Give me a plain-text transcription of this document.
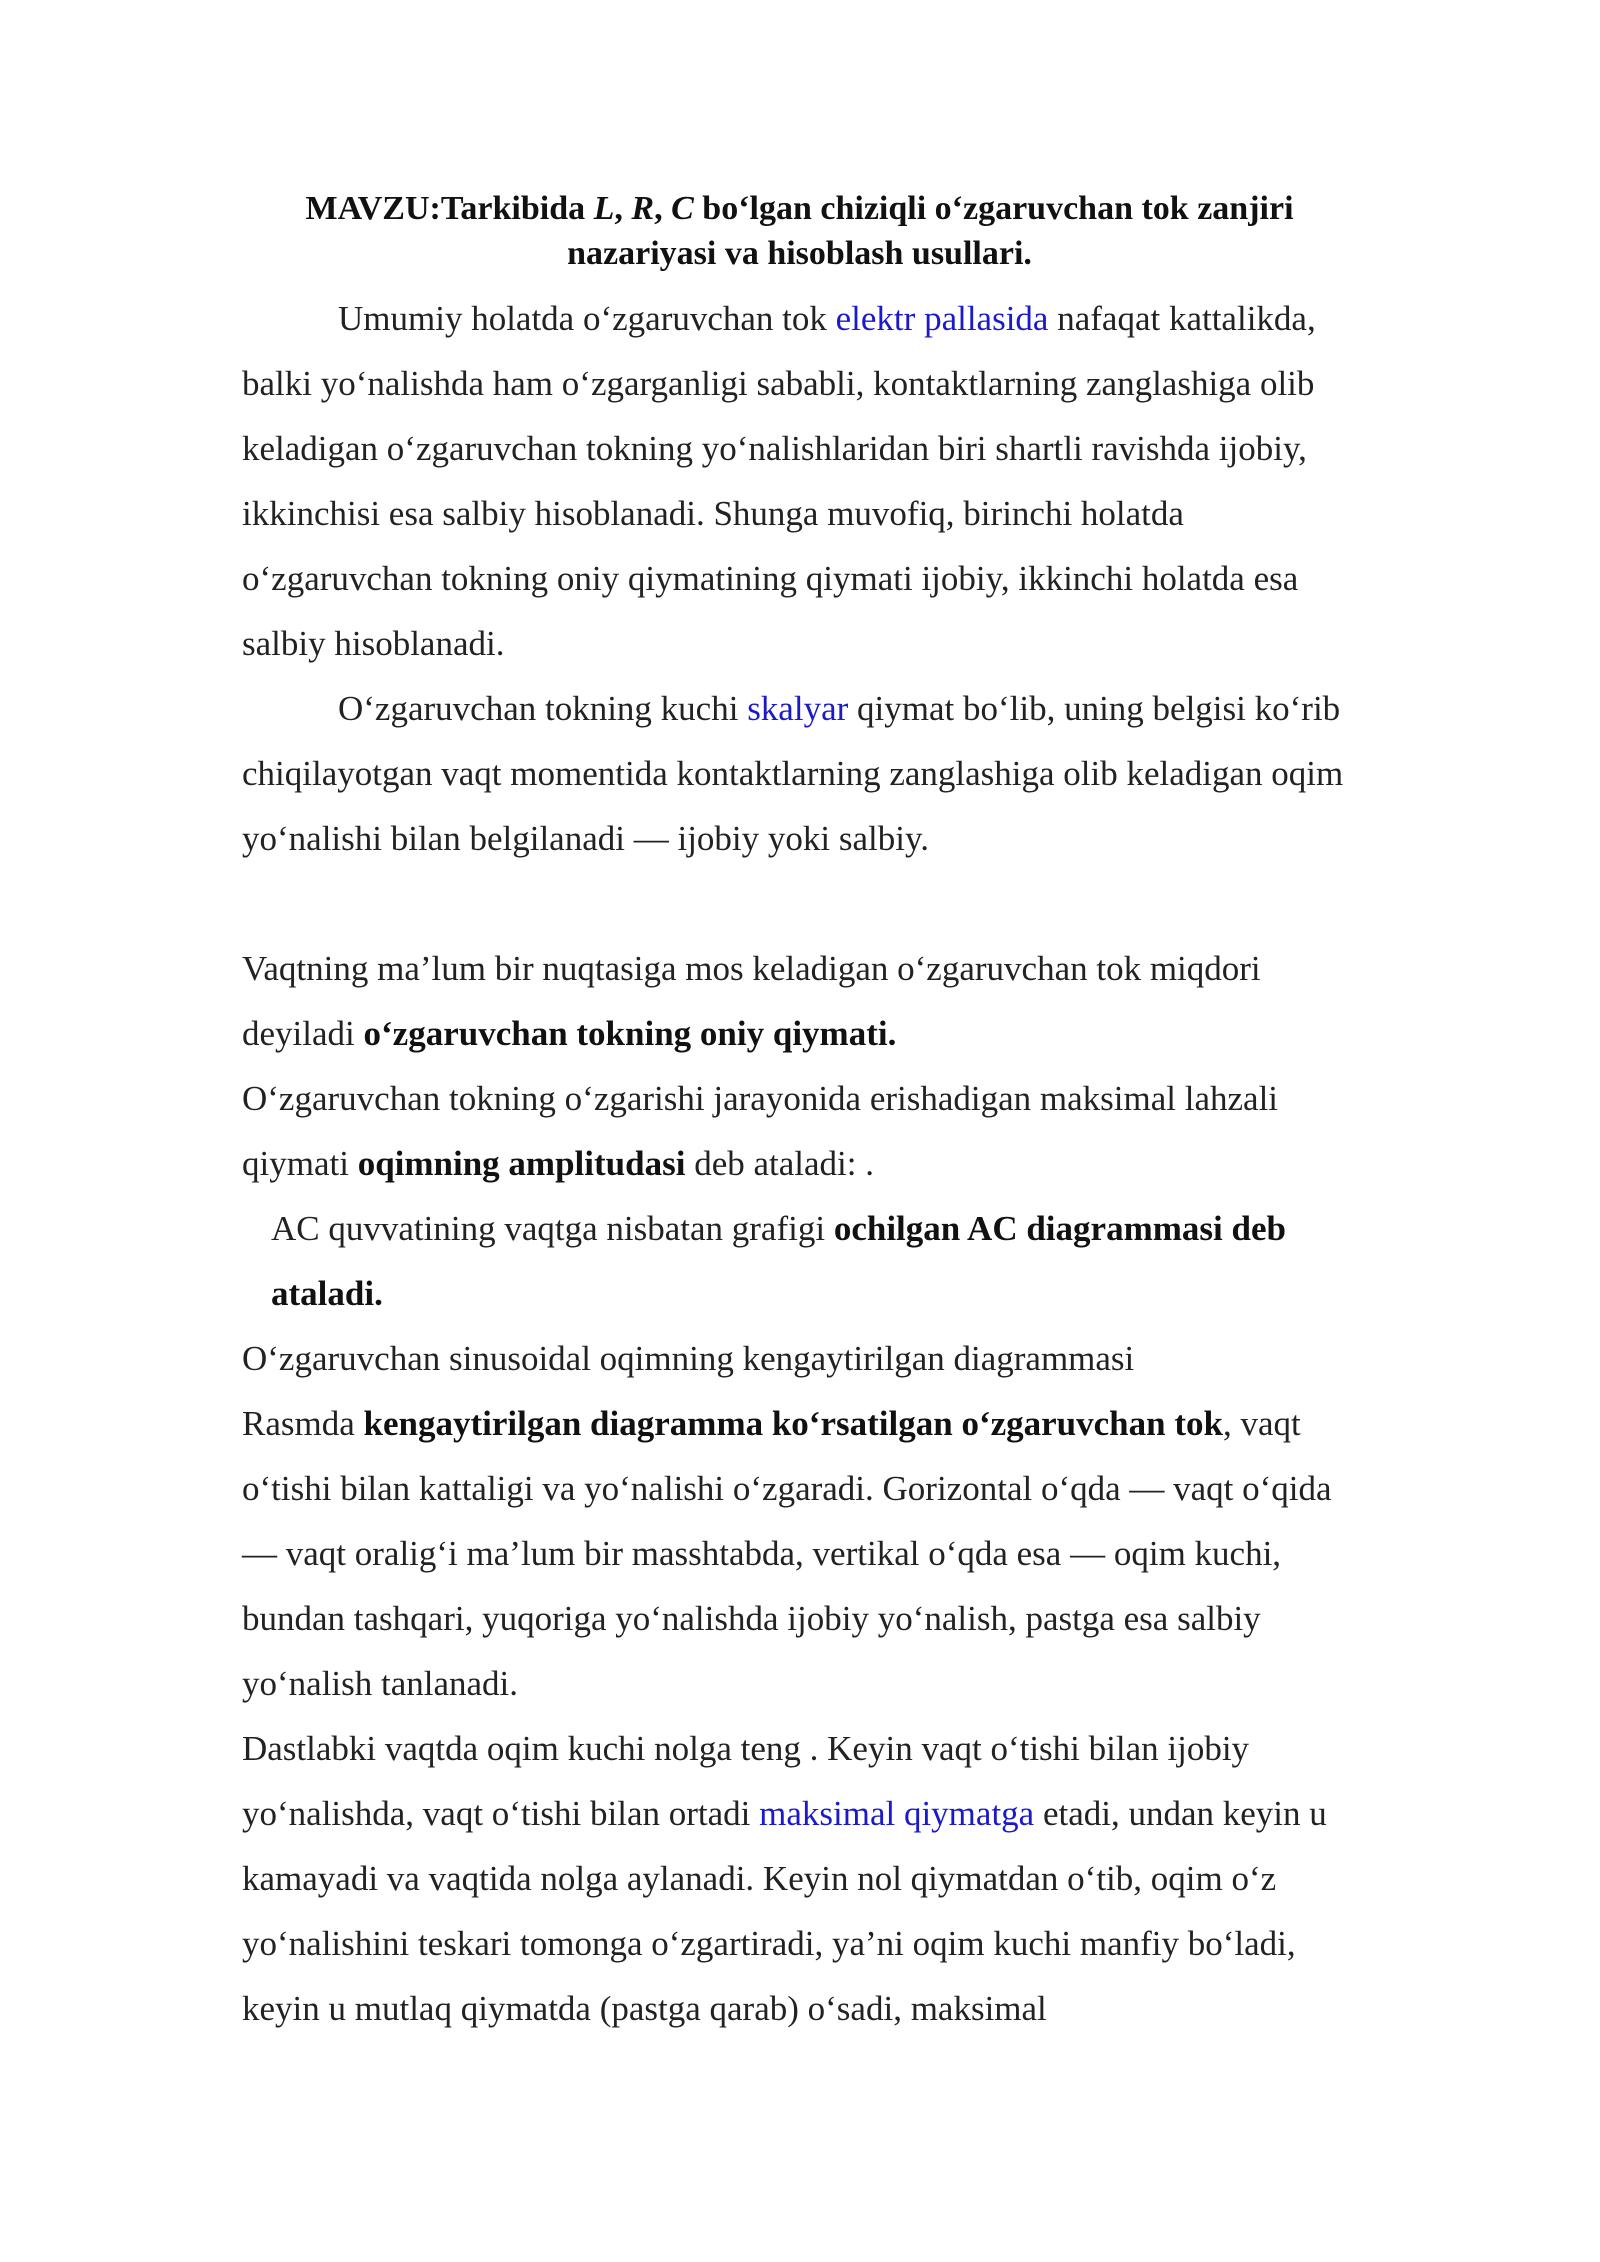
MAVZU:Tarkibida L, R, C bo‘lgan chiziqli o‘zgaruvchan tok zanjiri nazariyasi va hisoblash usullari.

Umumiy holatda o‘zgaruvchan tok elektr pallasida nafaqat kattalikda, balki yo‘nalishda ham o‘zgarganligi sababli, kontaktlarning zanglashiga olib keladigan o‘zgaruvchan tokning yo‘nalishlaridan biri shartli ravishda ijobiy, ikkinchisi esa salbiy hisoblanadi. Shunga muvofiq, birinchi holatda o‘zgaruvchan tokning oniy qiymatining qiymati ijobiy, ikkinchi holatda esa salbiy hisoblanadi.

O‘zgaruvchan tokning kuchi skalyar qiymat bo‘lib, uning belgisi ko‘rib chiqilayotgan vaqt momentida kontaktlarning zanglashiga olib keladigan oqim yo‘nalishi bilan belgilanadi — ijobiy yoki salbiy.

Vaqtning ma’lum bir nuqtasiga mos keladigan o‘zgaruvchan tok miqdori deyiladi o‘zgaruvchan tokning oniy qiymati.

O‘zgaruvchan tokning o‘zgarishi jarayonida erishadigan maksimal lahzali qiymati oqimning amplitudasi deb ataladi: .

AC quvvatining vaqtga nisbatan grafigi ochilgan AC diagrammasi deb ataladi.

O‘zgaruvchan sinusoidal oqimning kengaytirilgan diagrammasi

Rasmda kengaytirilgan diagramma ko‘rsatilgan o‘zgaruvchan tok, vaqt o‘tishi bilan kattaligi va yo‘nalishi o‘zgaradi. Gorizontal o‘qda — vaqt o‘qida — vaqt oralig‘i ma’lum bir masshtabda, vertikal o‘qda esa — oqim kuchi, bundan tashqari, yuqoriga yo‘nalishda ijobiy yo‘nalish, pastga esa salbiy yo‘nalish tanlanadi.

Dastlabki vaqtda oqim kuchi nolga teng . Keyin vaqt o‘tishi bilan ijobiy yo‘nalishda, vaqt o‘tishi bilan ortadi maksimal qiymatga etadi, undan keyin u kamayadi va vaqtida nolga aylanadi. Keyin nol qiymatdan o‘tib, oqim o‘z yo‘nalishini teskari tomonga o‘zgartiradi, ya’ni oqim kuchi manfiy bo‘ladi, keyin u mutlaq qiymatda (pastga qarab) o‘sadi, maksimal
